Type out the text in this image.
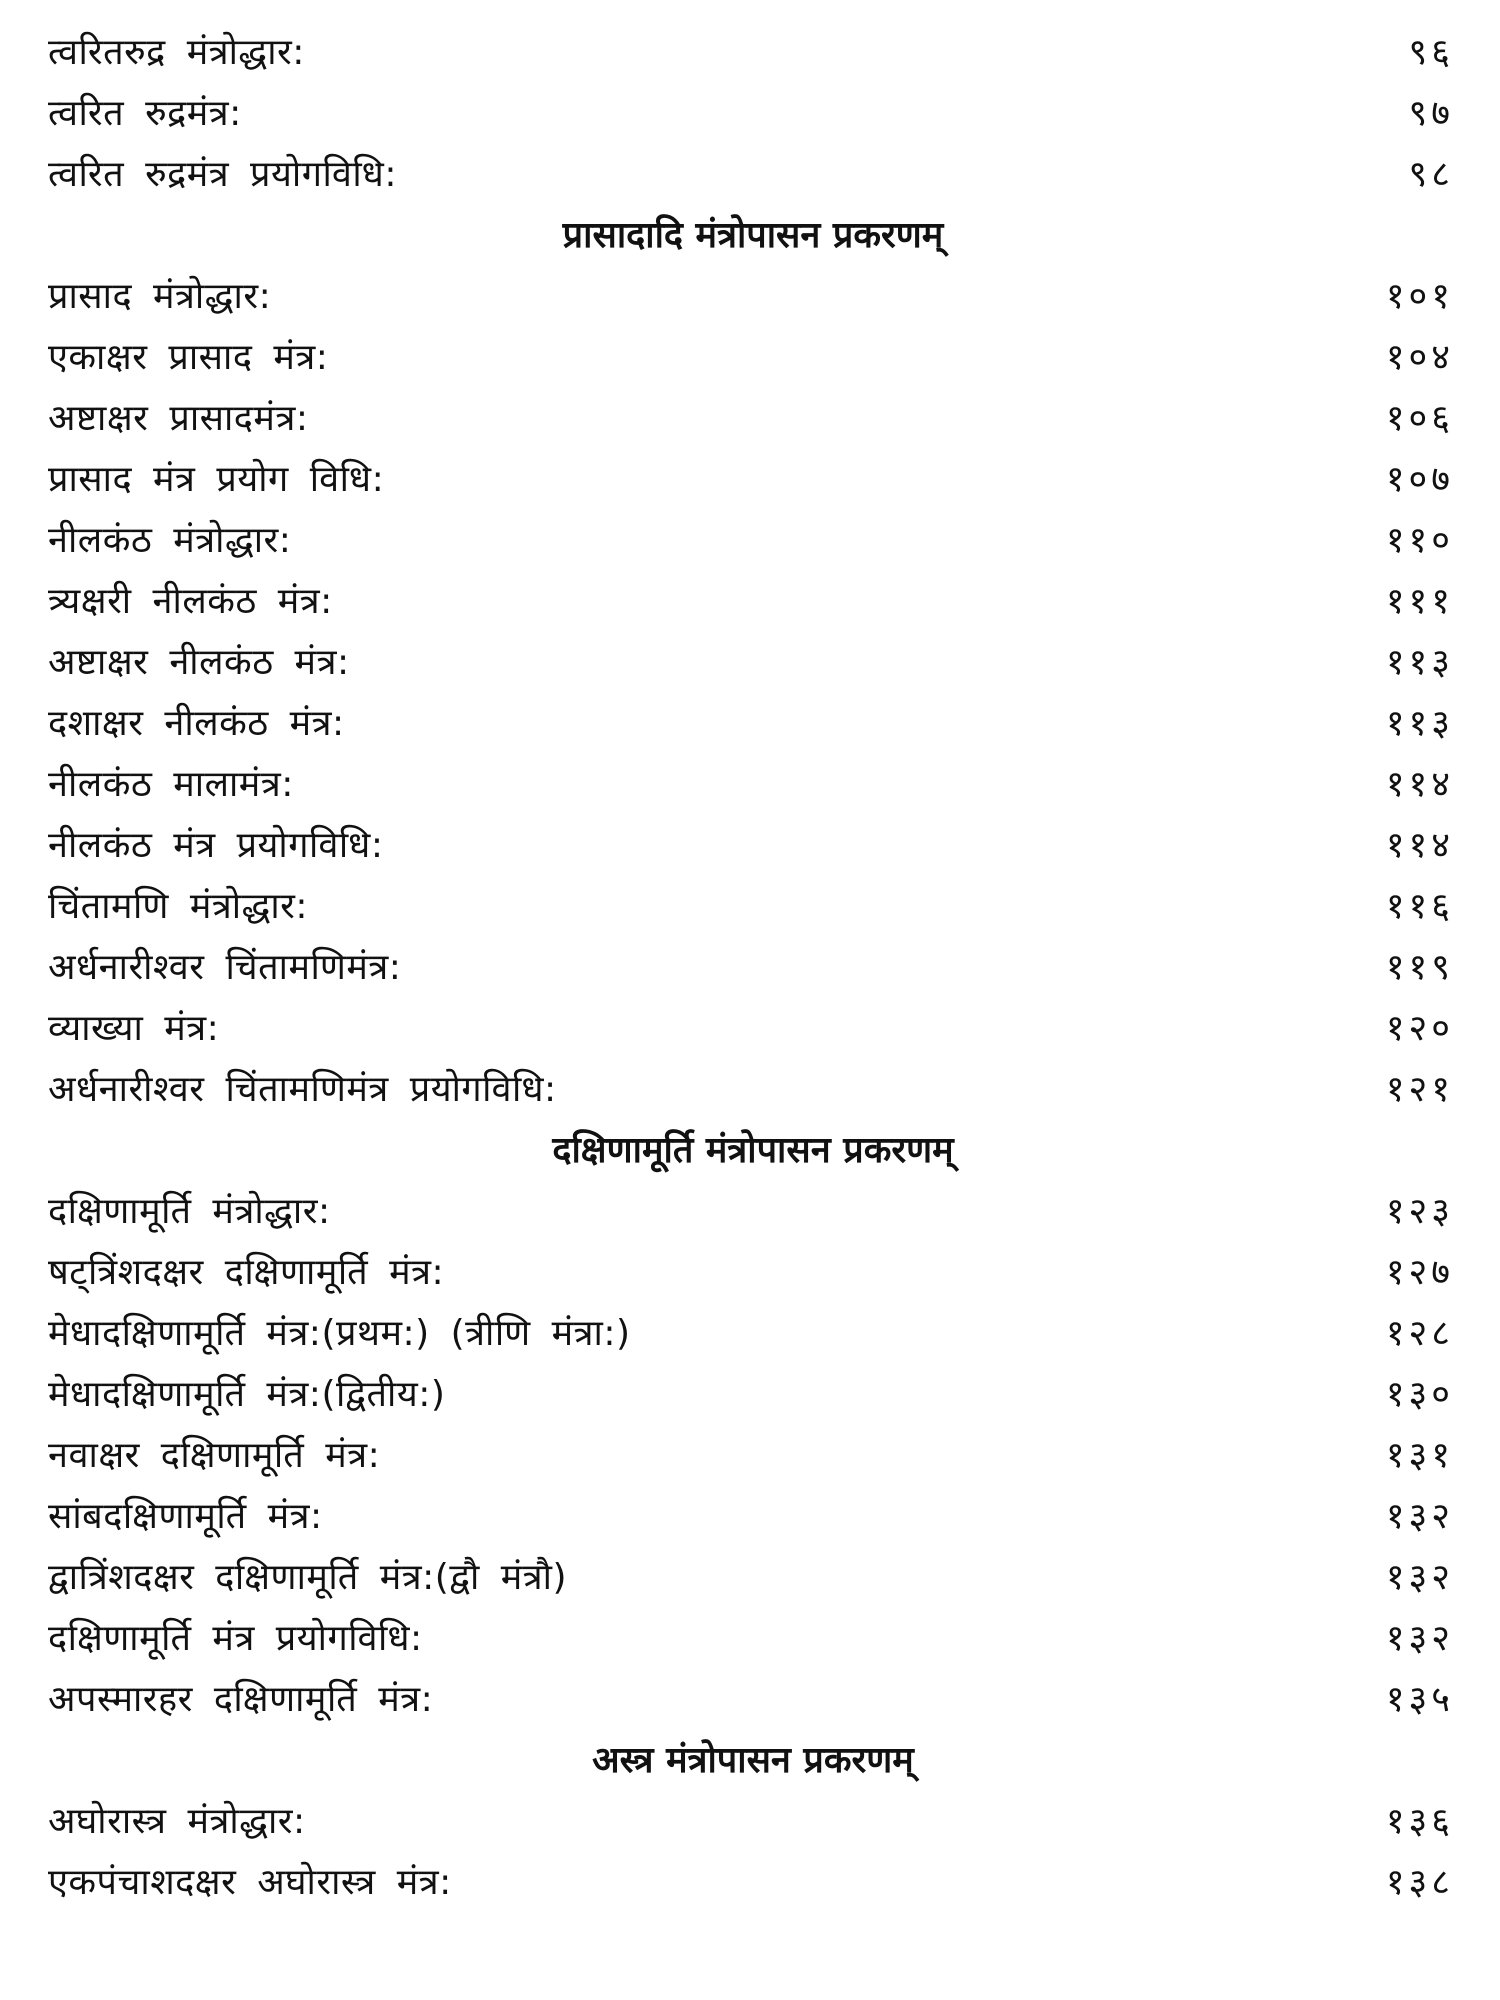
त्वरितरुद्र मंत्रोद्धार:	९६
त्वरित रुद्रमंत्र:	९७
त्वरित रुद्रमंत्र प्रयोगविधि:	९८
प्रासादादि मंत्रोपासन प्रकरणम्
प्रासाद मंत्रोद्धार:	१०१
एकाक्षर प्रासाद मंत्र:	१०४
अष्टाक्षर प्रासादमंत्र:	१०६
प्रासाद मंत्र प्रयोग विधि:	१०७
नीलकंठ मंत्रोद्धार:	११०
त्र्यक्षरी नीलकंठ मंत्र:	१११
अष्टाक्षर नीलकंठ मंत्र:	११३
दशाक्षर नीलकंठ मंत्र:	११३
नीलकंठ मालामंत्र:	११४
नीलकंठ मंत्र प्रयोगविधि:	११४
चिंतामणि मंत्रोद्धार:	११६
अर्धनारीश्वर चिंतामणिमंत्र:	११९
व्याख्या मंत्र:	१२०
अर्धनारीश्वर चिंतामणिमंत्र प्रयोगविधि:	१२१
दक्षिणामूर्ति मंत्रोपासन प्रकरणम्
दक्षिणामूर्ति मंत्रोद्धार:	१२३
षट्त्रिंशदक्षर दक्षिणामूर्ति मंत्र:	१२७
मेधादक्षिणामूर्ति मंत्र:(प्रथम:) (त्रीणि मंत्रा:)	१२८
मेधादक्षिणामूर्ति मंत्र:(द्वितीय:)	१३०
नवाक्षर दक्षिणामूर्ति मंत्र:	१३१
सांबदक्षिणामूर्ति मंत्र:	१३२
द्वात्रिंशदक्षर दक्षिणामूर्ति मंत्र:(द्वौ मंत्रौ)	१३२
दक्षिणामूर्ति मंत्र प्रयोगविधि:	१३२
अपस्मारहर दक्षिणामूर्ति मंत्र:	१३५
अस्त्र मंत्रोपासन प्रकरणम्
अघोरास्त्र मंत्रोद्धार:	१३६
एकपंचाशदक्षर अघोरास्त्र मंत्र:	१३८
